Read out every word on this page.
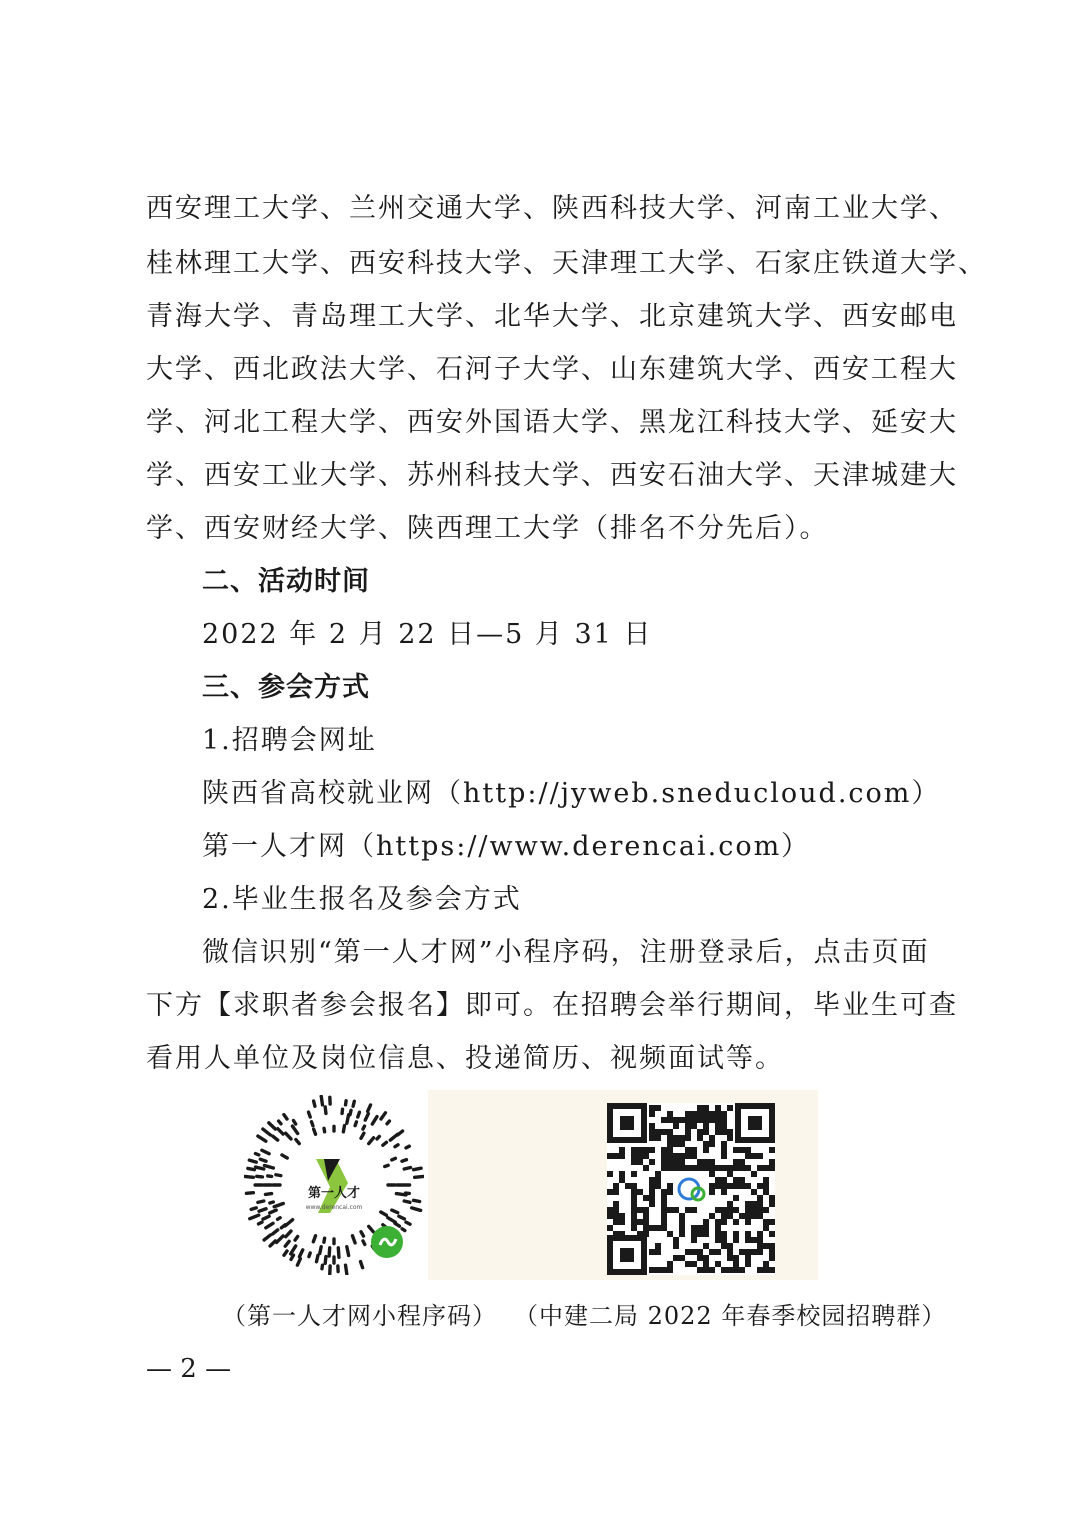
西安理工大学、兰州交通大学、陕西科技大学、河南工业大学、
桂林理工大学、西安科技大学、天津理工大学、石家庄铁道大学、
青海大学、青岛理工大学、北华大学、北京建筑大学、西安邮电
大学、西北政法大学、石河子大学、山东建筑大学、西安工程大
学、河北工程大学、西安外国语大学、黑龙江科技大学、延安大
学、西安工业大学、苏州科技大学、西安石油大学、天津城建大
学、西安财经大学、陕西理工大学（排名不分先后）。
二、活动时间
2022 年 2 月 22 日—5 月 31 日
三、参会方式
1.招聘会网址
陕西省高校就业网（http://jyweb.sneducloud.com）
第一人才网（https://www.derencai.com）
2.毕业生报名及参会方式
微信识别“第一人才网”小程序码，注册登录后，点击页面
下方【求职者参会报名】即可。在招聘会举行期间，毕业生可查
看用人单位及岗位信息、投递简历、视频面试等。
第一人才
www.derencai.com
（第一人才网小程序码） （中建二局 2022 年春季校园招聘群）
— 2 —
